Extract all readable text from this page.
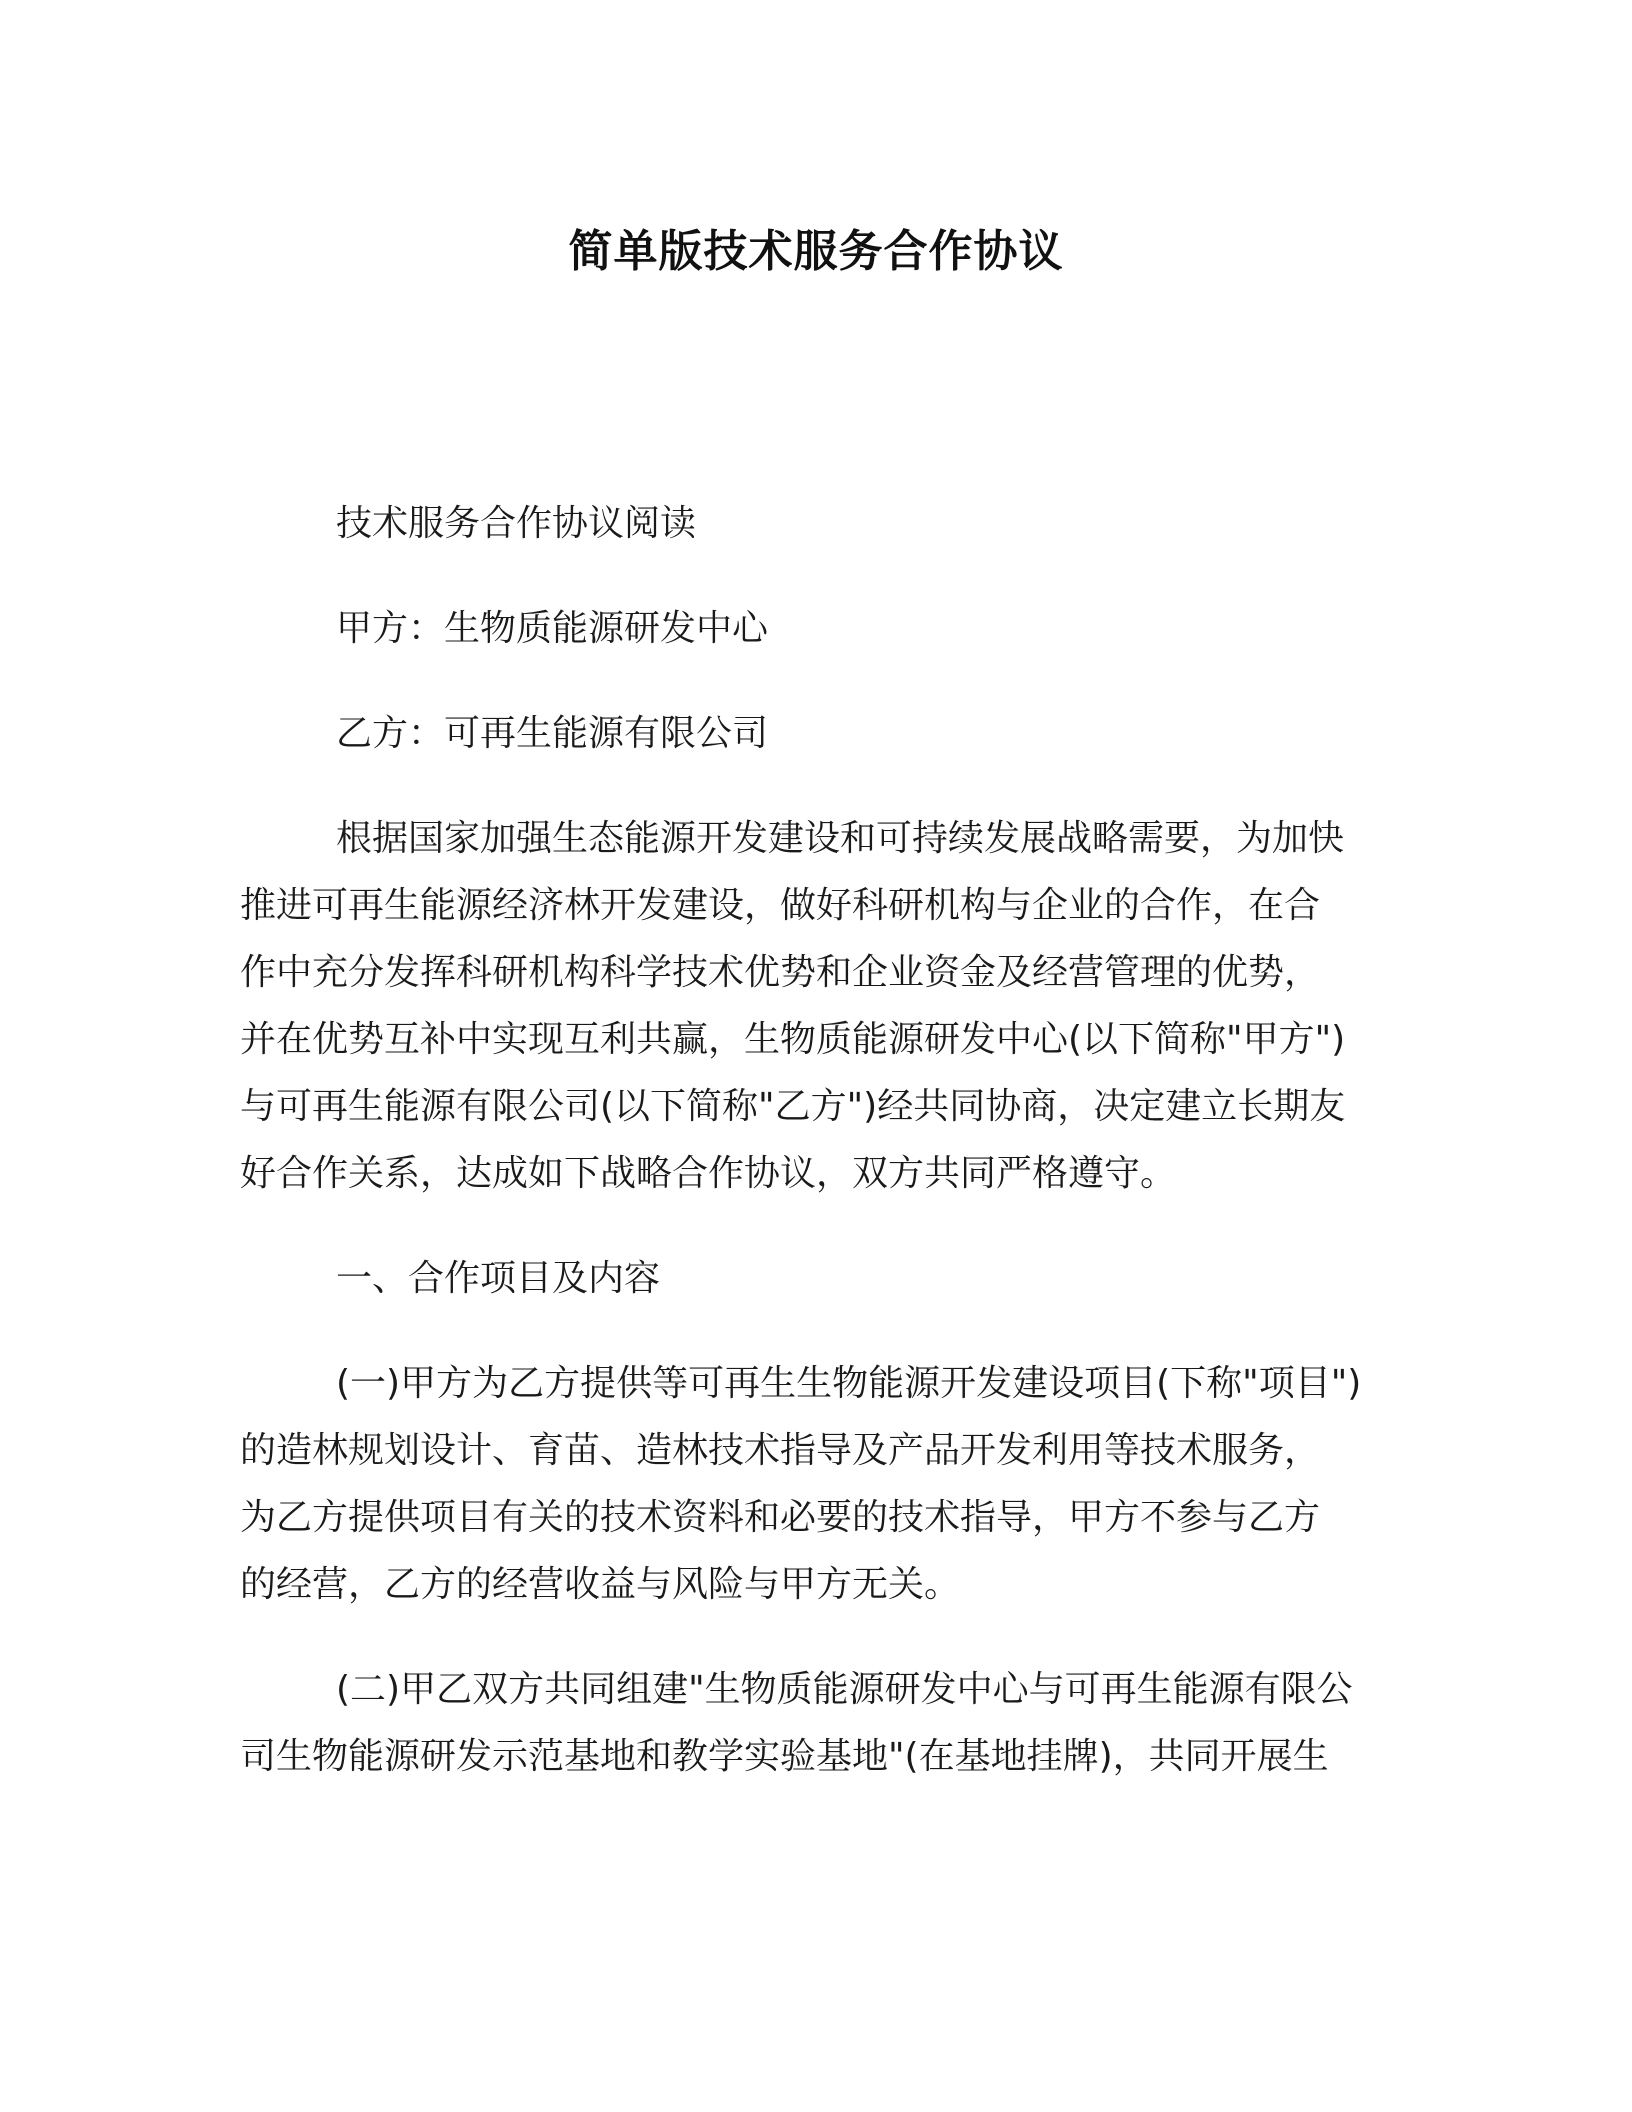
简单版技术服务合作协议
技术服务合作协议阅读
甲方：生物质能源研发中心
乙方：可再生能源有限公司
根据国家加强生态能源开发建设和可持续发展战略需要，为加快
推进可再生能源经济林开发建设，做好科研机构与企业的合作，在合
作中充分发挥科研机构科学技术优势和企业资金及经营管理的优势，
并在优势互补中实现互利共赢，生物质能源研发中心(以下简称"甲方")
与可再生能源有限公司(以下简称"乙方")经共同协商，决定建立长期友
好合作关系，达成如下战略合作协议，双方共同严格遵守。
一、合作项目及内容
(一)甲方为乙方提供等可再生生物能源开发建设项目(下称"项目")
的造林规划设计、育苗、造林技术指导及产品开发利用等技术服务，
为乙方提供项目有关的技术资料和必要的技术指导，甲方不参与乙方
的经营，乙方的经营收益与风险与甲方无关。
(二)甲乙双方共同组建"生物质能源研发中心与可再生能源有限公
司生物能源研发示范基地和教学实验基地"(在基地挂牌)，共同开展生
